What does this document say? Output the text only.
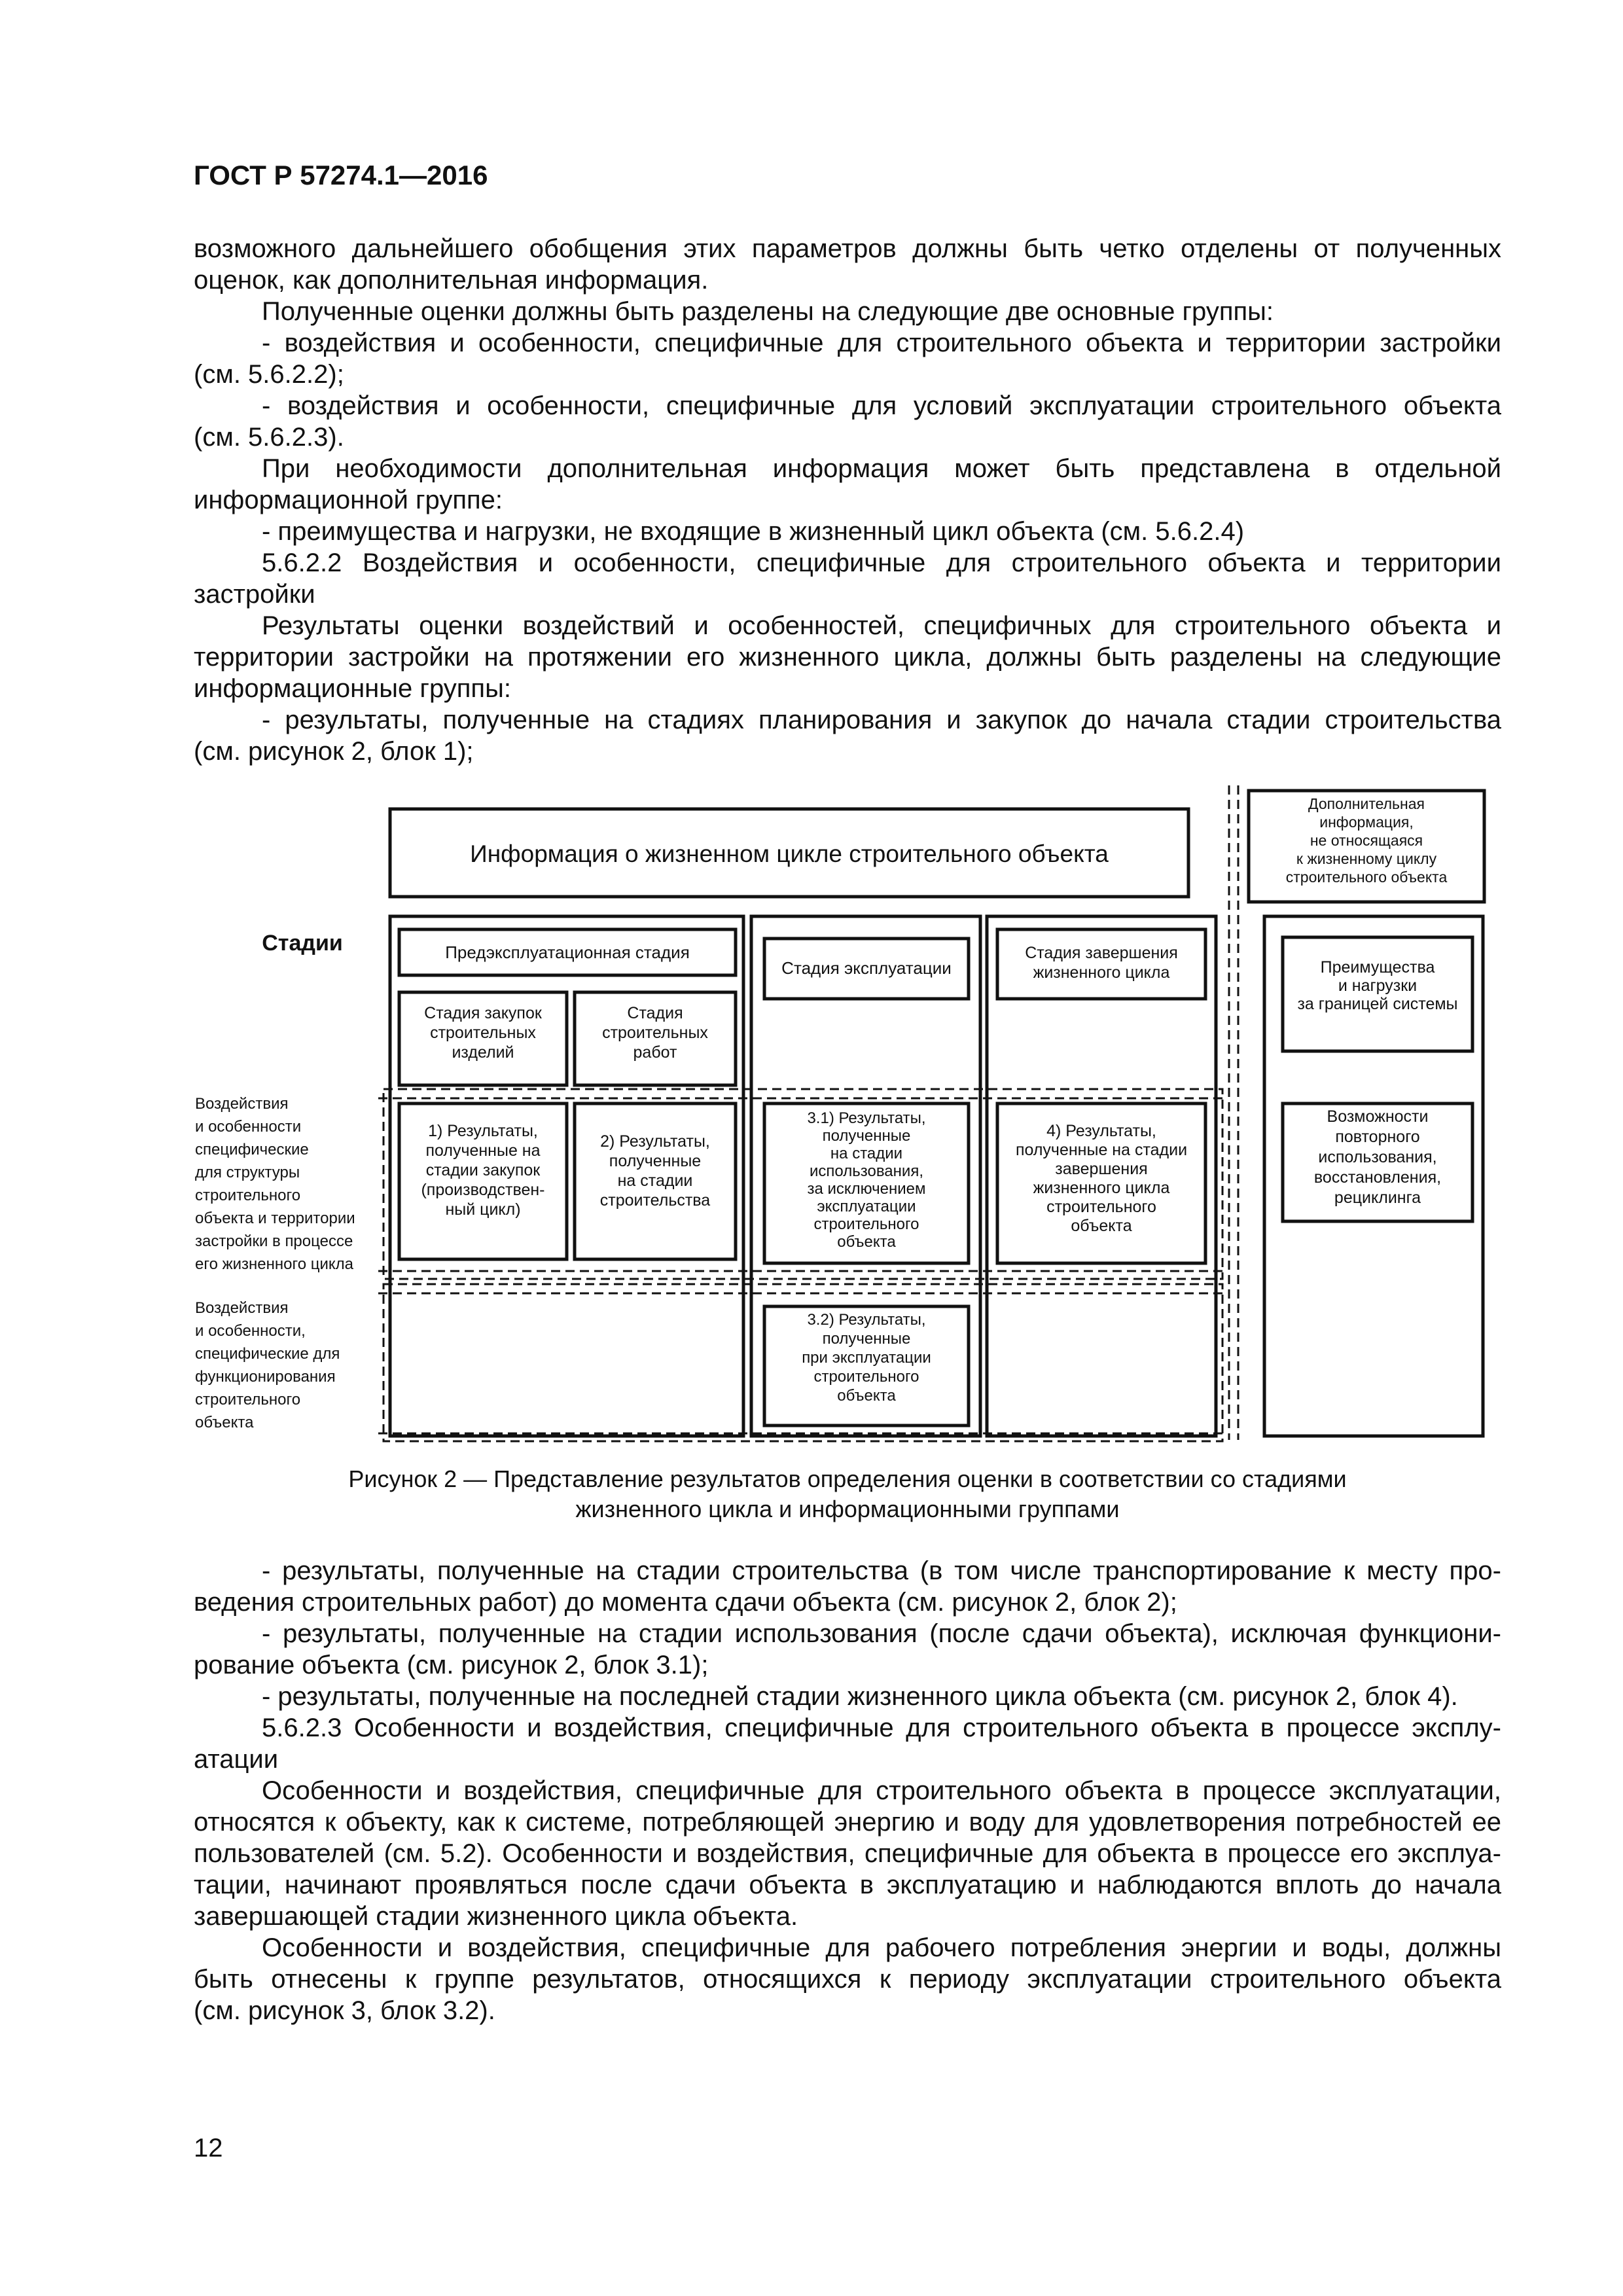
ГОСТ Р 57274.1—2016
возможного дальнейшего обобщения этих параметров должны быть четко отделены от полученных
оценок, как дополнительная информация.
Полученные оценки должны быть разделены на следующие две основные группы:
- воздействия и особенности, специфичные для строительного объекта и территории застройки
(см. 5.6.2.2);
- воздействия и особенности, специфичные для условий эксплуатации строительного объекта
(см. 5.6.2.3).
При необходимости дополнительная информация может быть представлена в отдельной
информационной группе:
- преимущества и нагрузки, не входящие в жизненный цикл объекта (см. 5.6.2.4)
5.6.2.2 Воздействия и особенности, специфичные для строительного объекта и территории
застройки
Результаты оценки воздействий и особенностей, специфичных для строительного объекта и
территории застройки на протяжении его жизненного цикла, должны быть разделены на следующие
информационные группы:
- результаты, полученные на стадиях планирования и закупок до начала стадии строительства
(см. рисунок 2, блок 1);
Информация о жизненном цикле строительного объекта
Стадии	Предэксплуатационная стадия
Стадия эксплуатации
Рисунок 2 — Представление результатов определения оценки в соответствии со стадиями
жизненного цикла и информационными группами
Дополнительная информация, не относящаяся к жизненному циклу строительного объекта
Стадия закупок строительных изделий
Стадия строительных работ
Стадия завершения жизненного цикла	Преимущества и нагрузки за границей системы
Воздействия и особенности специфические для структуры строительного объекта и территории застройки в процессе его жизненного цикла
Воздействия и особенности, специфические для функционирования строительного объекта
1) Результаты, полученные на стадии закупок (производствен-ный цикл)
2) Результаты, полученные на стадии строительства
3.1) Результаты, полученные на стадии использования, за исключением эксплуатации строительного объекта
4) Результаты, полученные на стадии завершения жизненного цикла строительного объекта
Возможности повторного использования, восстановления, рециклинга
3.2) Результаты, полученные при эксплуатации строительного объекта
- результаты, полученные на стадии строительства (в том числе транспортирование к месту про-
ведения строительных работ) до момента сдачи объекта (см. рисунок 2, блок 2);
- результаты, полученные на стадии использования (после сдачи объекта), исключая функциони-
рование объекта (см. рисунок 2, блок 3.1);
- результаты, полученные на последней стадии жизненного цикла объекта (см. рисунок 2, блок 4).
5.6.2.3 Особенности и воздействия, специфичные для строительного объекта в процессе эксплу-
атации
Особенности и воздействия, специфичные для строительного объекта в процессе эксплуатации,
относятся к объекту, как к системе, потребляющей энергию и воду для удовлетворения потребностей ее
пользователей (см. 5.2). Особенности и воздействия, специфичные для объекта в процессе его эксплуа-
тации, начинают проявляться после сдачи объекта в эксплуатацию и наблюдаются вплоть до начала
завершающей стадии жизненного цикла объекта.
Особенности и воздействия, специфичные для рабочего потребления энергии и воды, должны
быть отнесены к группе результатов, относящихся к периоду эксплуатации строительного объекта
(см. рисунок 3, блок 3.2).
12
